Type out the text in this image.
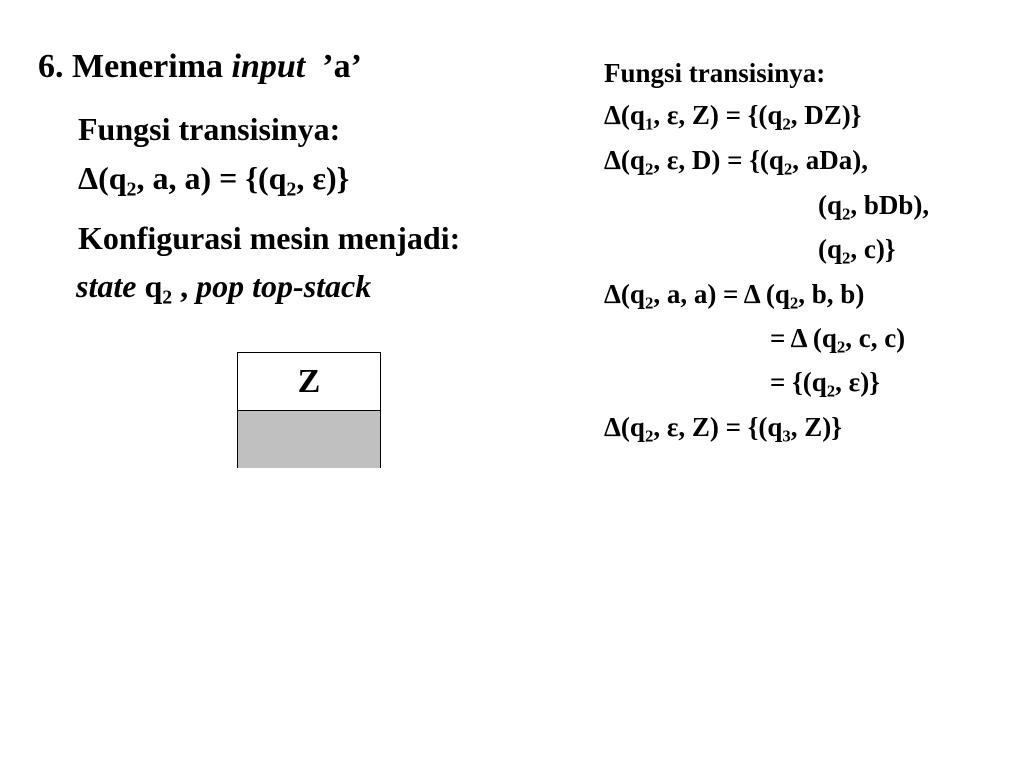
6. Menerima input  ’a’
Fungsi transisinya:
$\Delta(q_2$, a, $a) = \{(q_2$, ε)}
Konfigurasi mesin menjadi:
state $q_2$ , pop top-stack
Z
Fungsi transisinya:
$\Delta(q_1$, ε, $Z) = \{(q_2$, DZ)}
$\Delta(q_2$, ε, $D) = \{(q_2$, aDa),
($q_2$, bDb),
($q_2$, c)}
$\Delta(q_2$, a, a) = Δ ($q_2$, b, b)
= Δ ($q_2$, c, c)
= {($q_2$, ε)}
$\Delta(q_2$, ε, $Z) = \{(q_3$, Z)}
